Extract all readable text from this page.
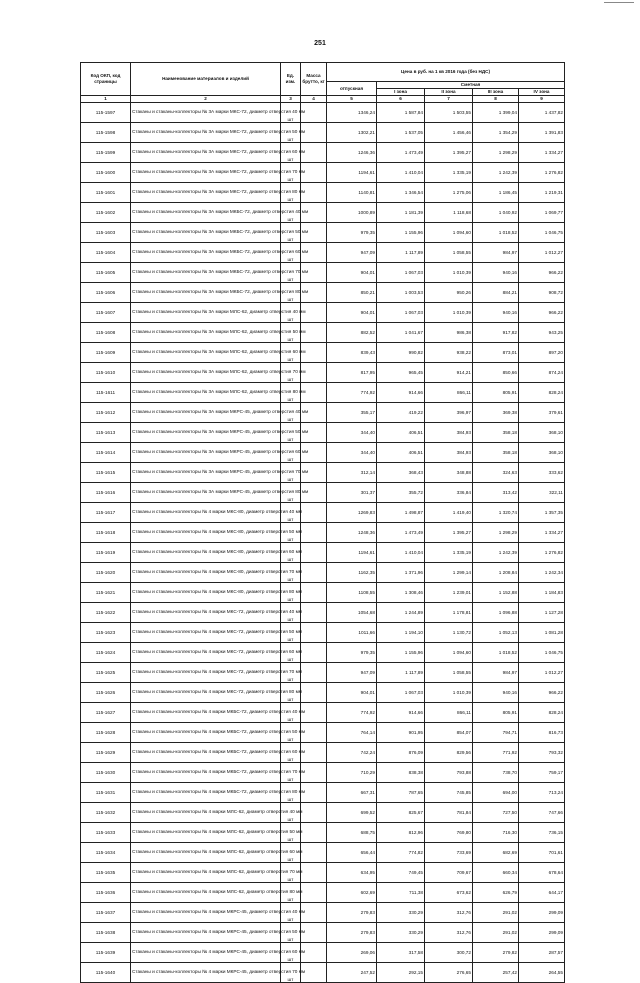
251
Код ОКП, код страницы	Наименование материалов и изделий	Ед. изм.	Масса брутто, кг	Цена в руб. на 1 кв 2016 года (без НДС)				
				отпускная	Сметная			
					I зона	II зона	III зона	IV зона
1	2	3	4	5	6	7	8	9
115-1597	Стаканы и стаканы-коллекторы № 3А марки МКС-72, диаметр отверстия 40 мм	шт		1346,24	1 587,84	1 503,55	1 399,04	1 437,82
115-1598	Стаканы и стаканы-коллекторы № 3А марки МКС-72, диаметр отверстия 50 мм	шт		1302,21	1 537,05	1 456,46	1 354,29	1 391,83
115-1599	Стаканы и стаканы-коллекторы № 3А марки МКС-72, диаметр отверстия 60 мм	шт		1246,36	1 473,49	1 395,27	1 298,29	1 334,27
115-1600	Стаканы и стаканы-коллекторы № 3А марки МКС-72, диаметр отверстия 70 мм	шт		1194,61	1 410,04	1 335,19	1 242,39	1 276,82
115-1601	Стаканы и стаканы-коллекторы № 3А марки МКС-72, диаметр отверстия 80 мм	шт		1140,81	1 346,54	1 275,06	1 186,45	1 219,31
115-1602	Стаканы и стаканы-коллекторы № 3А марки МКБС-72, диаметр отверстия 40 мм	шт		1000,89	1 181,39	1 118,68	1 040,92	1 069,77
115-1603	Стаканы и стаканы-коллекторы № 3А марки МКБС-72, диаметр отверстия 50 мм	шт		979,35	1 155,96	1 094,60	1 018,52	1 046,75
115-1604	Стаканы и стаканы-коллекторы № 3А марки МКБС-72, диаметр отверстия 60 мм	шт		947,09	1 117,89	1 058,55	984,97	1 012,27
115-1605	Стаканы и стаканы-коллекторы № 3А марки МКБС-72, диаметр отверстия 70 мм	шт		904,01	1 067,03	1 010,39	940,16	966,22
115-1606	Стаканы и стаканы-коллекторы № 3А марки МКБС-72, диаметр отверстия 80 мм	шт		850,21	1 003,53	950,26	884,21	908,72
115-1607	Стаканы и стаканы-коллекторы № 3А марки МЛС-62, диаметр отверстия 40 мм	шт		904,01	1 067,03	1 010,39	940,16	966,22
115-1608	Стаканы и стаканы-коллекторы № 3А марки МЛС-62, диаметр отверстия 50 мм	шт		882,52	1 041,67	986,38	917,82	943,25
115-1609	Стаканы и стаканы-коллекторы № 3А марки МЛС-62, диаметр отверстия 60 мм	шт		839,43	990,82	938,22	873,01	897,20
115-1610	Стаканы и стаканы-коллекторы № 3А марки МЛС-62, диаметр отверстия 70 мм	шт		817,95	965,45	914,21	850,66	874,24
115-1611	Стаканы и стаканы-коллекторы № 3А марки МЛС-62, диаметр отверстия 80 мм	шт		774,92	914,66	866,11	805,91	828,24
115-1612	Стаканы и стаканы-коллекторы № 3А марки МКРС-45, диаметр отверстия 40 мм	шт		355,17	419,22	396,97	369,38	379,61
115-1613	Стаканы и стаканы-коллекторы № 3А марки МКРС-45, диаметр отверстия 50 мм	шт		344,40	406,51	384,93	358,18	368,10
115-1614	Стаканы и стаканы-коллекторы № 3А марки МКРС-45, диаметр отверстия 60 мм	шт		344,40	406,51	384,93	358,18	368,10
115-1615	Стаканы и стаканы-коллекторы № 3А марки МКРС-45, диаметр отверстия 70 мм	шт		312,14	368,43	348,88	324,63	333,62
115-1616	Стаканы и стаканы-коллекторы № 3А марки МКРС-45, диаметр отверстия 80 мм	шт		301,37	355,72	336,84	313,42	322,11
115-1617	Стаканы и стаканы-коллекторы № 4 марки МКС-80, диаметр отверстия 40 мм	шт		1269,83	1 498,87	1 419,40	1 320,74	1 357,35
115-1618	Стаканы и стаканы-коллекторы № 4 марки МКС-80, диаметр отверстия 50 мм	шт		1248,36	1 473,49	1 395,27	1 298,29	1 334,27
115-1619	Стаканы и стаканы-коллекторы № 4 марки МКС-80, диаметр отверстия 60 мм	шт		1194,61	1 410,04	1 335,19	1 242,39	1 276,82
115-1620	Стаканы и стаканы-коллекторы № 4 марки МКС-80, диаметр отверстия 70 мм	шт		1162,35	1 371,96	1 299,14	1 208,84	1 242,34
115-1621	Стаканы и стаканы-коллекторы № 4 марки МКС-80, диаметр отверстия 80 мм	шт		1108,55	1 308,46	1 239,01	1 152,88	1 184,83
115-1622	Стаканы и стаканы-коллекторы № 4 марки МКС-72, диаметр отверстия 40 мм	шт		1054,68	1 244,89	1 178,81	1 096,88	1 127,28
115-1623	Стаканы и стаканы-коллекторы № 4 марки МКС-72, диаметр отверстия 50 мм	шт		1011,66	1 194,10	1 130,72	1 052,13	1 081,28
115-1624	Стаканы и стаканы-коллекторы № 4 марки МКС-72, диаметр отверстия 60 мм	шт		979,35	1 155,96	1 094,60	1 018,52	1 046,75
115-1625	Стаканы и стаканы-коллекторы № 4 марки МКС-72, диаметр отверстия 70 мм	шт		947,09	1 117,89	1 058,55	984,97	1 012,27
115-1626	Стаканы и стаканы-коллекторы № 4 марки МКС-72, диаметр отверстия 80 мм	шт		904,01	1 067,03	1 010,39	940,16	966,22
115-1627	Стаканы и стаканы-коллекторы № 4 марки МКБС-72, диаметр отверстия 40 мм	шт		774,92	914,66	866,11	805,91	828,24
115-1628	Стаканы и стаканы-коллекторы № 4 марки МКБС-72, диаметр отверстия 50 мм	шт		764,14	901,95	854,07	794,71	816,73
115-1629	Стаканы и стаканы-коллекторы № 4 марки МКБС-72, диаметр отверстия 60 мм	шт		742,24	876,09	829,56	771,92	793,32
115-1630	Стаканы и стаканы-коллекторы № 4 марки МКБС-72, диаметр отверстия 70 мм	шт		710,29	838,38	793,88	738,70	759,17
115-1631	Стаканы и стаканы-коллекторы № 4 марки МКБС-72, диаметр отверстия 80 мм	шт		667,31	787,65	745,85	694,00	713,24
115-1632	Стаканы и стаканы-коллекторы № 4 марки МЛС-62, диаметр отверстия 40 мм	шт		699,52	825,67	781,84	727,50	747,66
115-1633	Стаканы и стаканы-коллекторы № 4 марки МЛС-62, диаметр отверстия 50 мм	шт		688,75	812,96	769,80	716,30	736,15
115-1634	Стаканы и стаканы-коллекторы № 4 марки МЛС-62, диаметр отверстия 60 мм	шт		656,44	774,82	733,69	682,69	701,61
115-1635	Стаканы и стаканы-коллекторы № 4 марки МЛС-62, диаметр отверстия 70 мм	шт		634,95	749,45	709,67	660,34	678,64
115-1636	Стаканы и стаканы-коллекторы № 4 марки МЛС-62, диаметр отверстия 80 мм	шт		602,69	711,38	673,62	626,79	644,17
115-1637	Стаканы и стаканы-коллекторы № 4 марки МКРС-45, диаметр отверстия 40 мм	шт		279,83	330,29	312,76	291,02	299,09
115-1638	Стаканы и стаканы-коллекторы № 4 марки МКРС-45, диаметр отверстия 50 мм	шт		279,83	330,29	312,76	291,02	299,09
115-1639	Стаканы и стаканы-коллекторы № 4 марки МКРС-45, диаметр отверстия 60 мм	шт		269,06	317,58	300,72	279,82	287,57
115-1640	Стаканы и стаканы-коллекторы № 4 марки МКРС-45, диаметр отверстия 70 мм	шт		247,52	292,15	276,65	257,42	264,55
